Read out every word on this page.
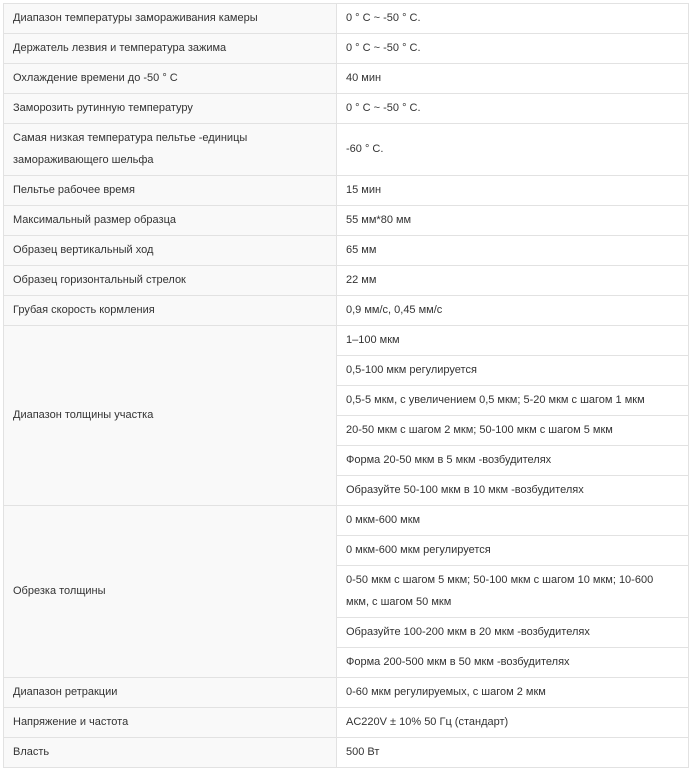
Диапазон температуры замораживания камеры	0 ° C ~ -50 ° C.
Держатель лезвия и температура зажима	0 ° C ~ -50 ° C.
Охлаждение времени до -50 ° C	40 мин
Заморозить рутинную температуру	0 ° C ~ -50 ° C.
Самая низкая температура пельтье -единицы замораживающего шельфа	-60 ° C.
Пельтье рабочее время	15 мин
Максимальный размер образца	55 мм*80 мм
Образец вертикальный ход	65 мм
Образец горизонтальный стрелок	22 мм
Грубая скорость кормления	0,9 мм/с, 0,45 мм/с
Диапазон толщины участка	1–100 мкм
	0,5-100 мкм регулируется
	0,5-5 мкм, с увеличением 0,5 мкм; 5-20 мкм с шагом 1 мкм
	20-50 мкм с шагом 2 мкм; 50-100 мкм с шагом 5 мкм
	Форма 20-50 мкм в 5 мкм -возбудителях
	Образуйте 50-100 мкм в 10 мкм -возбудителях
Обрезка толщины	0 мкм-600 мкм
	0 мкм-600 мкм регулируется
	0-50 мкм с шагом 5 мкм; 50-100 мкм с шагом 10 мкм; 10-600 мкм, с шагом 50 мкм
	Образуйте 100-200 мкм в 20 мкм -возбудителях
	Форма 200-500 мкм в 50 мкм -возбудителях
Диапазон ретракции	0-60 мкм регулируемых, с шагом 2 мкм
Напряжение и частота	AC220V ± 10% 50 Гц (стандарт)
Власть	500 Вт
